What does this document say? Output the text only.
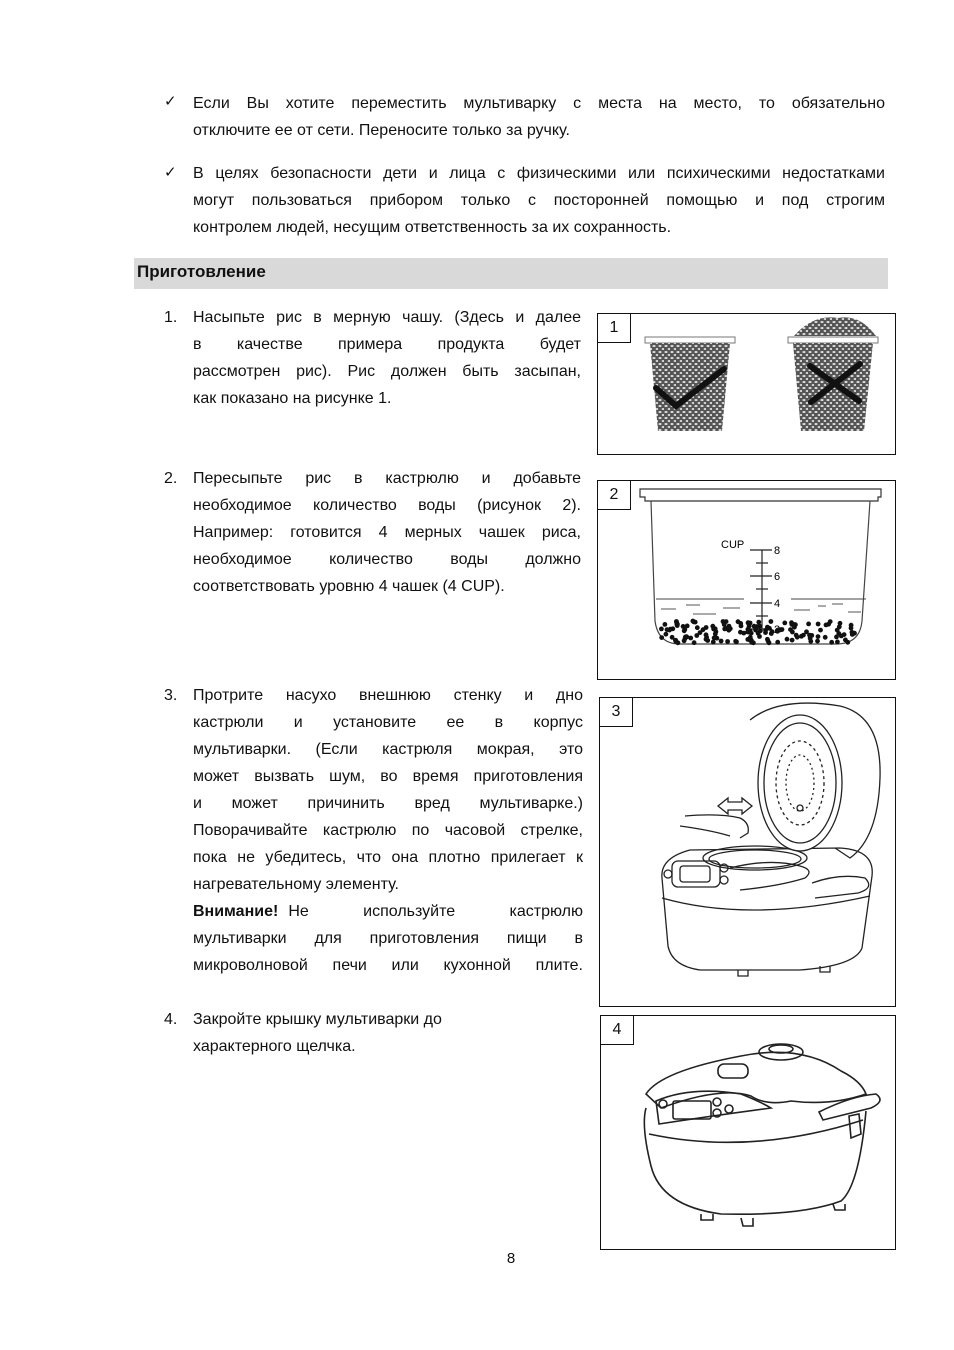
✓ Если Вы хотите переместить мультиварку с места на место, то обязательно
отключите ее от сети. Переносите только за ручку.
✓ В целях безопасности дети и лица с физическими или психическими недостатками
могут пользоваться прибором только с посторонней помощью и под строгим
контролем людей, несущим ответственность за их сохранность.
Приготовление
1. Насыпьте рис в мерную чашу. (Здесь и далее
в качестве примера продукта будет
рассмотрен рис). Рис должен быть засыпан,
как показано на рисунке 1.
1
2. Пересыпьте рис в кастрюлю и добавьте
необходимое количество воды (рисунок 2).
Например: готовится 4 мерных чашек риса,
необходимое количество воды должно
соответствовать уровню 4 чашек (4 CUP).
CUP	8
6
4
2
3. Протрите насухо внешнюю стенку и дно
кастрюли и установите ее в корпус
мультиварки. (Если кастрюля мокрая, это
может вызвать шум, во время приготовления
и может причинить вред мультиварке.)
Поворачивайте кастрюлю по часовой стрелке,
пока не убедитесь, что она плотно прилегает к
нагревательному элементу.
Внимание! Не используйте кастрюлю
мультиварки для приготовления пищи в
микроволновой печи или кухонной плите.
3
4. Закройте крышку мультиварки до
характерного щелчка.
4
8
